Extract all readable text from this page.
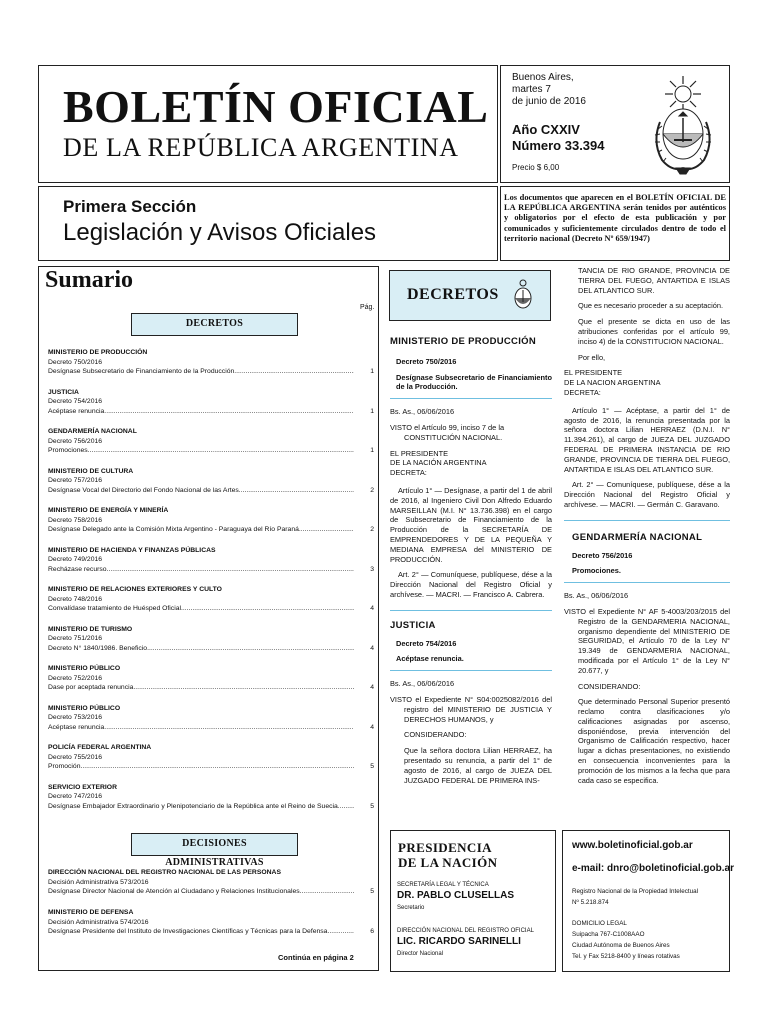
BOLETÍN OFICIAL
DE LA REPÚBLICA ARGENTINA
Buenos Aires,
martes 7
de junio de 2016
Año CXXIV
Número 33.394
Precio $ 6,00
Primera Sección
Legislación y Avisos Oficiales
Los documentos que aparecen en el BOLETÍN OFICIAL DE LA REPÚBLICA ARGENTINA serán tenidos por auténticos y obligatorios por el efecto de esta publicación y por comunicados y suficientemente circulados dentro de todo el territorio nacional (Decreto Nº 659/1947)
Sumario
Pág.
DECRETOS
MINISTERIO DE PRODUCCIÓN
Decreto 750/2016
Desígnase Subsecretario de Financiamiento de la Producción. .....	1
JUSTICIA
Decreto 754/2016
Acéptase renuncia. .....	1
GENDARMERÍA NACIONAL
Decreto 756/2016
Promociones. .....	1
MINISTERIO DE CULTURA
Decreto 757/2016
Desígnase Vocal del Directorio del Fondo Nacional de las Artes. .....	2
MINISTERIO DE ENERGÍA Y MINERÍA
Decreto 758/2016
Desígnase Delegado ante la Comisión Mixta Argentino - Paraguaya del Río Paraná. .....	2
MINISTERIO DE HACIENDA Y FINANZAS PÚBLICAS
Decreto 749/2016
Recházase recurso. .....	3
MINISTERIO DE RELACIONES EXTERIORES Y CULTO
Decreto 748/2016
Convalídase tratamiento de Huésped Oficial. .....	4
MINISTERIO DE TURISMO
Decreto 751/2016
Decreto N° 1840/1986. Beneficio. .....	4
MINISTERIO PÚBLICO
Decreto 752/2016
Dase por aceptada renuncia. .....	4
MINISTERIO PÚBLICO
Decreto 753/2016
Acéptase renuncia. .....	4
POLICÍA FEDERAL ARGENTINA
Decreto 755/2016
Promoción. .....	5
SERVICIO EXTERIOR
Decreto 747/2016
Desígnase Embajador Extraordinario y Plenipotenciario de la República ante el Reino de Suecia. .....	5
DECISIONES ADMINISTRATIVAS
DIRECCIÓN NACIONAL DEL REGISTRO NACIONAL DE LAS PERSONAS
Decisión Administrativa 573/2016
Desígnase Director Nacional de Atención al Ciudadano y Relaciones Institucionales. .....	5
MINISTERIO DE DEFENSA
Decisión Administrativa 574/2016
Desígnase Presidente del Instituto de Investigaciones Científicas y Técnicas para la Defensa. .....	6
Continúa en página 2
DECRETOS

MINISTERIO DE PRODUCCIÓN

Decreto 750/2016

Desígnase Subsecretario de Financiamiento de la Producción.

Bs. As., 06/06/2016

VISTO el Artículo 99, inciso 7 de la CONSTITUCIÓN NACIONAL.

EL PRESIDENTE
DE LA NACIÓN ARGENTINA
DECRETA:

Artículo 1° — Desígnase, a partir del 1 de abril de 2016, al Ingeniero Civil Don Alfredo Eduardo MARSEILLAN (M.I. N° 13.736.398) en el cargo de Subsecretario de Financiamiento de la Producción de la SECRETARÍA DE EMPRENDEDORES Y DE LA PEQUEÑA Y MEDIANA EMPRESA del MINISTERIO DE PRODUCCIÓN.

Art. 2° — Comuníquese, publíquese, dése a la Dirección Nacional del Registro Oficial y archívese. — MACRI. — Francisco A. Cabrera.

JUSTICIA

Decreto 754/2016

Acéptase renuncia.

Bs. As., 06/06/2016

VISTO el Expediente N° S04:0025082/2016 del registro del MINISTERIO DE JUSTICIA Y DERECHOS HUMANOS, y

CONSIDERANDO:

Que la señora doctora Lilian HERRAEZ, ha presentado su renuncia, a partir del 1° de agosto de 2016, al cargo de JUEZA DEL JUZGADO FEDERAL DE PRIMERA INS-

TANCIA DE RIO GRANDE, PROVINCIA DE TIERRA DEL FUEGO, ANTARTIDA E ISLAS DEL ATLANTICO SUR.

Que es necesario proceder a su aceptación.

Que el presente se dicta en uso de las atribuciones conferidas por el artículo 99, inciso 4) de la CONSTITUCION NACIONAL.

Por ello,

EL PRESIDENTE
DE LA NACION ARGENTINA
DECRETA:

Artículo 1° — Acéptase, a partir del 1° de agosto de 2016, la renuncia presentada por la señora doctora Lilian HERRAEZ (D.N.I. N° 11.394.261), al cargo de JUEZA DEL JUZGADO FEDERAL DE PRIMERA INSTANCIA DE RIO GRANDE, PROVINCIA DE TIERRA DEL FUEGO, ANTARTIDA E ISLAS DEL ATLANTICO SUR.

Art. 2° — Comuníquese, publíquese, dése a la Dirección Nacional del Registro Oficial y archívese. — MACRI. — Germán C. Garavano.

GENDARMERÍA NACIONAL

Decreto 756/2016

Promociones.

Bs. As., 06/06/2016

VISTO el Expediente N° AF 5-4003/203/2015 del Registro de la GENDARMERIA NACIONAL, organismo dependiente del MINISTERIO DE SEGURIDAD, el Artículo 70 de la Ley N° 19.349 de GENDARMERIA NACIONAL, modificada por el Artículo 1° de la Ley N° 20.677, y

CONSIDERANDO:

Que determinado Personal Superior presentó reclamo contra clasificaciones y/o calificaciones asignadas por ascenso, disponiéndose, previa intervención del Organismo de Calificación respectivo, hacer lugar a dichas presentaciones, no existiendo en consecuencia inconvenientes para la promoción de los mismos a la fecha que para cada caso se especifica.

PRESIDENCIA
DE LA NACIÓN
SECRETARÍA LEGAL Y TÉCNICA
DR. PABLO CLUSELLAS
Secretario
DIRECCIÓN NACIONAL DEL REGISTRO OFICIAL
LIC. RICARDO SARINELLI
Director Nacional
www.boletinoficial.gob.ar
e-mail: dnro@boletinoficial.gob.ar
Registro Nacional de la Propiedad Intelectual
Nº 5.218.874
DOMICILIO LEGAL
Suipacha 767-C1008AAO
Ciudad Autónoma de Buenos Aires
Tel. y Fax 5218-8400 y líneas rotativas
